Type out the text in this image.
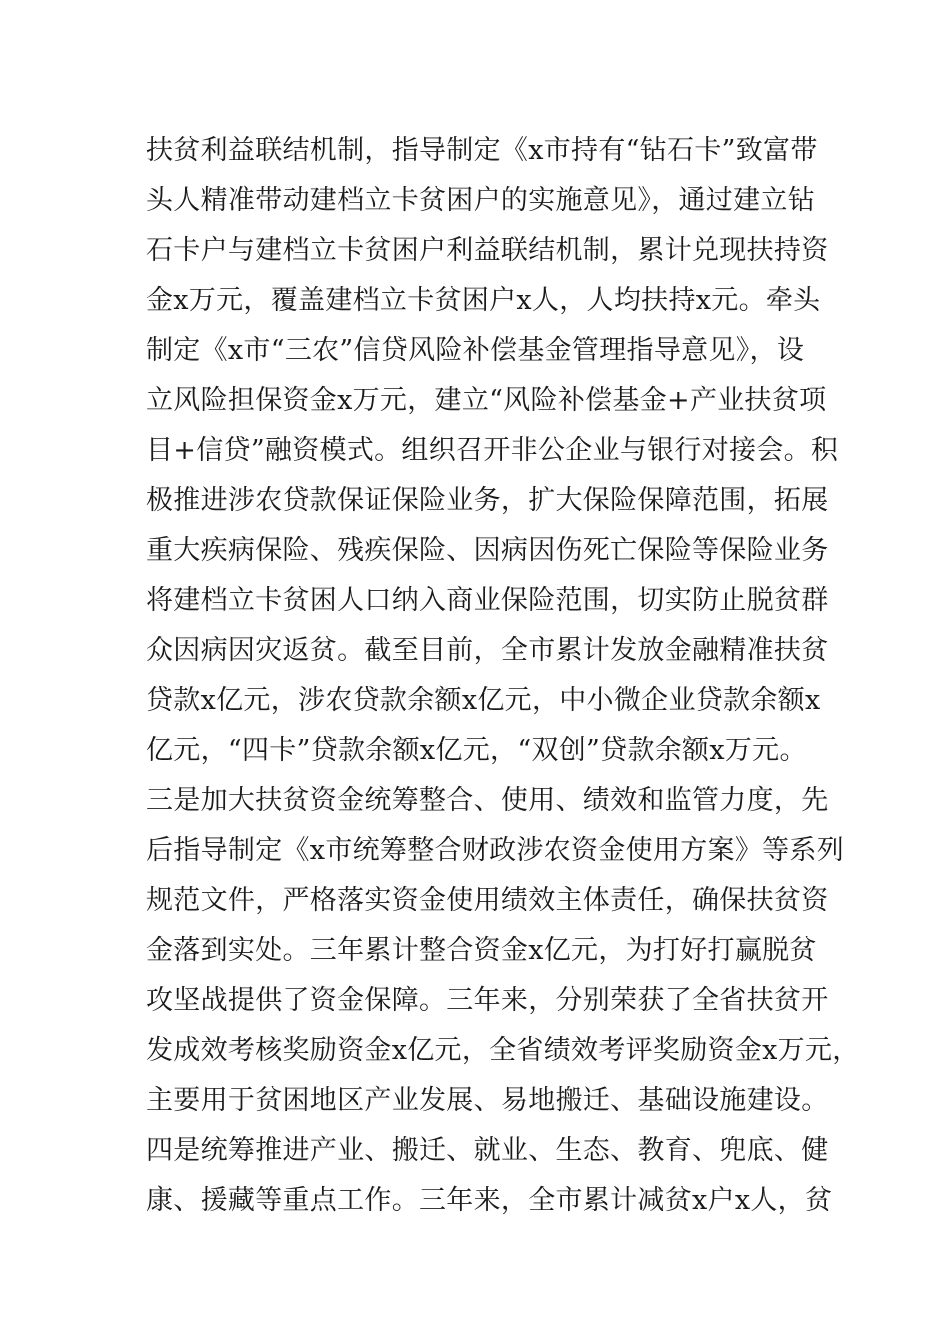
扶贫利益联结机制，指导制定《x市持有“钻石卡”致富带
头人精准带动建档立卡贫困户的实施意见》，通过建立钻
石卡户与建档立卡贫困户利益联结机制，累计兑现扶持资
金x万元，覆盖建档立卡贫困户x人，人均扶持x元。牵头
制定《x市“三农”信贷风险补偿基金管理指导意见》，设
立风险担保资金x万元，建立“风险补偿基金+产业扶贫项
目+信贷”融资模式。组织召开非公企业与银行对接会。积
极推进涉农贷款保证保险业务，扩大保险保障范围，拓展
重大疾病保险、残疾保险、因病因伤死亡保险等保险业务
将建档立卡贫困人口纳入商业保险范围，切实防止脱贫群
众因病因灾返贫。截至目前，全市累计发放金融精准扶贫
贷款x亿元，涉农贷款余额x亿元，中小微企业贷款余额x
亿元，“四卡”贷款余额x亿元，“双创”贷款余额x万元。
三是加大扶贫资金统筹整合、使用、绩效和监管力度，先
后指导制定《x市统筹整合财政涉农资金使用方案》等系列
规范文件，严格落实资金使用绩效主体责任，确保扶贫资
金落到实处。三年累计整合资金x亿元，为打好打赢脱贫
攻坚战提供了资金保障。三年来，分别荣获了全省扶贫开
发成效考核奖励资金x亿元，全省绩效考评奖励资金x万元，
主要用于贫困地区产业发展、易地搬迁、基础设施建设。
四是统筹推进产业、搬迁、就业、生态、教育、兜底、健
康、援藏等重点工作。三年来，全市累计减贫x户x人，贫
